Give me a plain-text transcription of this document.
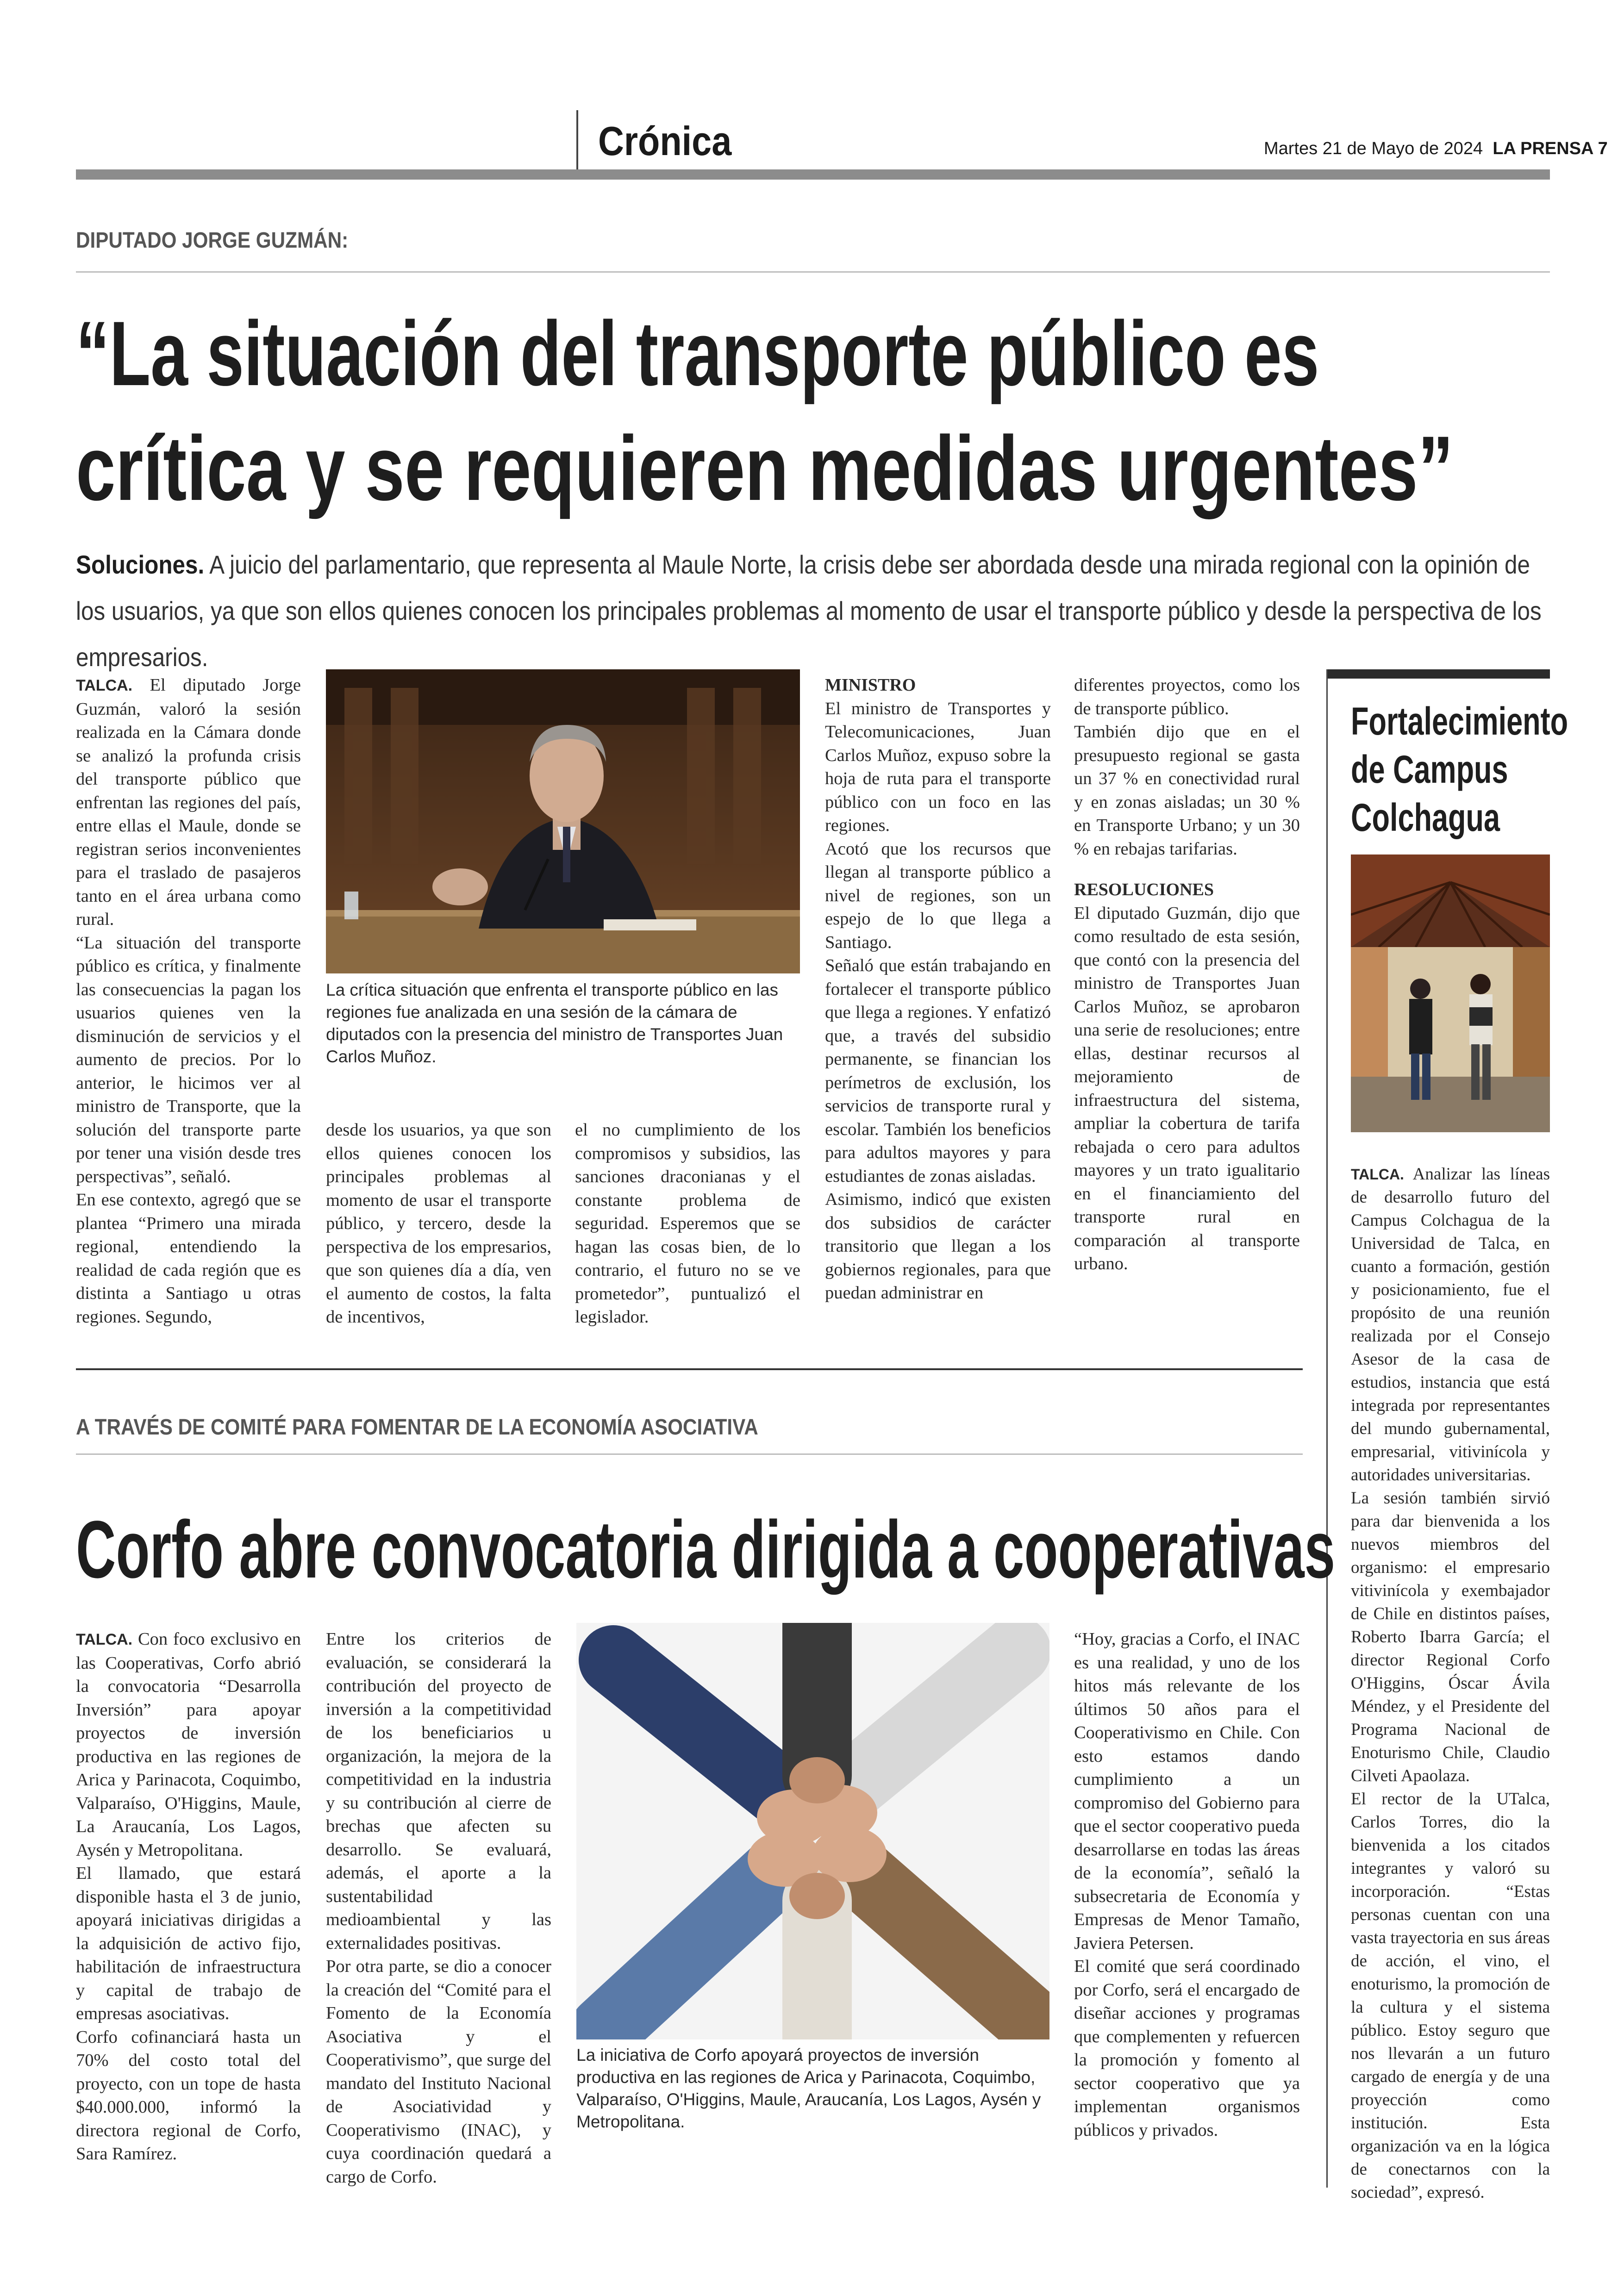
Crónica	Martes 21 de Mayo de 2024 LA PRENSA 7
DIPUTADO JORGE GUZMÁN:
“La situación del transporte público es
crítica y se requieren medidas urgentes”
Soluciones. A juicio del parlamentario, que representa al Maule Norte, la crisis debe ser abordada desde una mirada regional con la opinión de los usuarios, ya que son ellos quienes conocen los principales problemas al momento de usar el transporte público y desde la perspectiva de los empresarios.

TALCA. El diputado Jorge Guzmán, valoró la sesión realizada en la Cámara donde se analizó la profunda crisis del transporte público que enfrentan las regiones del país, entre ellas el Maule, donde se registran serios inconvenientes para el traslado de pasajeros tanto en el área urbana como rural.

“La situación del transporte público es crítica, y finalmente las consecuencias la pagan los usuarios quienes ven la disminución de servicios y el aumento de precios. Por lo anterior, le hicimos ver al ministro de Transporte, que la solución del transporte parte por tener una visión desde tres perspectivas”, señaló.

En ese contexto, agregó que se plantea “Primero una mirada regional, entendiendo la realidad de cada región que es distinta a Santiago u otras regiones. Segundo,

La crítica situación que enfrenta el transporte público en las regiones fue analizada en una sesión de la cámara de diputados con la presencia del ministro de Transportes Juan Carlos Muñoz.

desde los usuarios, ya que son ellos quienes conocen los principales problemas al momento de usar el transporte público, y tercero, desde la perspectiva de los empresarios, que son quienes día a día, ven el aumento de costos, la falta de incentivos,

el no cumplimiento de los compromisos y subsidios, las sanciones draconianas y el constante problema de seguridad. Esperemos que se hagan las cosas bien, de lo contrario, el futuro no se ve prometedor”, puntualizó el legislador.

MINISTRO

El ministro de Transportes y Telecomunicaciones, Juan Carlos Muñoz, expuso sobre la hoja de ruta para el transporte público con un foco en las regiones.

Acotó que los recursos que llegan al transporte público a nivel de regiones, son un espejo de lo que llega a Santiago.

Señaló que están trabajando en fortalecer el transporte público que llega a regiones. Y enfatizó que, a través del subsidio permanente, se financian los perímetros de exclusión, los servicios de transporte rural y escolar. También los beneficios para adultos mayores y para estudiantes de zonas aisladas.

Asimismo, indicó que existen dos subsidios de carácter transitorio que llegan a los gobiernos regionales, para que puedan administrar en

diferentes proyectos, como los de transporte público.

También dijo que en el presupuesto regional se gasta un 37 % en conectividad rural y en zonas aisladas; un 30 % en Transporte Urbano; y un 30 % en rebajas tarifarias.

RESOLUCIONES

El diputado Guzmán, dijo que como resultado de esta sesión, que contó con la presencia del ministro de Transportes Juan Carlos Muñoz, se aprobaron una serie de resoluciones; entre ellas, destinar recursos al mejoramiento de infraestructura del sistema, ampliar la cobertura de tarifa rebajada o cero para adultos mayores y un trato igualitario en el financiamiento del transporte rural en comparación al transporte urbano.

Fortalecimiento
de Campus
Colchagua

TALCA. Analizar las líneas de desarrollo futuro del Campus Colchagua de la Universidad de Talca, en cuanto a formación, gestión y posicionamiento, fue el propósito de una reunión realizada por el Consejo Asesor de la casa de estudios, instancia que está integrada por representantes del mundo gubernamental, empresarial, vitivinícola y autoridades universitarias.

La sesión también sirvió para dar bienvenida a los nuevos miembros del organismo: el empresario vitivinícola y exembajador de Chile en distintos países, Roberto Ibarra García; el director Regional Corfo O'Higgins, Óscar Ávila Méndez, y el Presidente del Programa Nacional de Enoturismo Chile, Claudio Cilveti Apaolaza.

El rector de la UTalca, Carlos Torres, dio la bienvenida a los citados integrantes y valoró su incorporación. “Estas personas cuentan con una vasta trayectoria en sus áreas de acción, el vino, el enoturismo, la promoción de la cultura y el sistema público. Estoy seguro que nos llevarán a un futuro cargado de energía y de una proyección como institución. Esta organización va en la lógica de conectarnos con la sociedad”, expresó.

A TRAVÉS DE COMITÉ PARA FOMENTAR DE LA ECONOMÍA ASOCIATIVA
Corfo abre convocatoria dirigida a cooperativas

TALCA. Con foco exclusivo en las Cooperativas, Corfo abrió la convocatoria “Desarrolla Inversión” para apoyar proyectos de inversión productiva en las regiones de Arica y Parinacota, Coquimbo, Valparaíso, O'Higgins, Maule, La Araucanía, Los Lagos, Aysén y Metropolitana.

El llamado, que estará disponible hasta el 3 de junio, apoyará iniciativas dirigidas a la adquisición de activo fijo, habilitación de infraestructura y capital de trabajo de empresas asociativas.

Corfo cofinanciará hasta un 70% del costo total del proyecto, con un tope de hasta $40.000.000, informó la directora regional de Corfo, Sara Ramírez.

Entre los criterios de evaluación, se considerará la contribución del proyecto de inversión a la competitividad de los beneficiarios u organización, la mejora de la competitividad en la industria y su contribución al cierre de brechas que afecten su desarrollo. Se evaluará, además, el aporte a la sustentabilidad medioambiental y las externalidades positivas.

Por otra parte, se dio a conocer la creación del “Comité para el Fomento de la Economía Asociativa y el Cooperativismo”, que surge del mandato del Instituto Nacional de Asociatividad y Cooperativismo (INAC), y cuya coordinación quedará a cargo de Corfo.

La iniciativa de Corfo apoyará proyectos de inversión productiva en las regiones de Arica y Parinacota, Coquimbo, Valparaíso, O'Higgins, Maule, Araucanía, Los Lagos, Aysén y Metropolitana.

“Hoy, gracias a Corfo, el INAC es una realidad, y uno de los hitos más relevante de los últimos 50 años para el Cooperativismo en Chile. Con esto estamos dando cumplimiento a un compromiso del Gobierno para que el sector cooperativo pueda desarrollarse en todas las áreas de la economía”, señaló la subsecretaria de Economía y Empresas de Menor Tamaño, Javiera Petersen.

El comité que será coordinado por Corfo, será el encargado de diseñar acciones y programas que complementen y refuercen la promoción y fomento al sector cooperativo que ya implementan organismos públicos y privados.
